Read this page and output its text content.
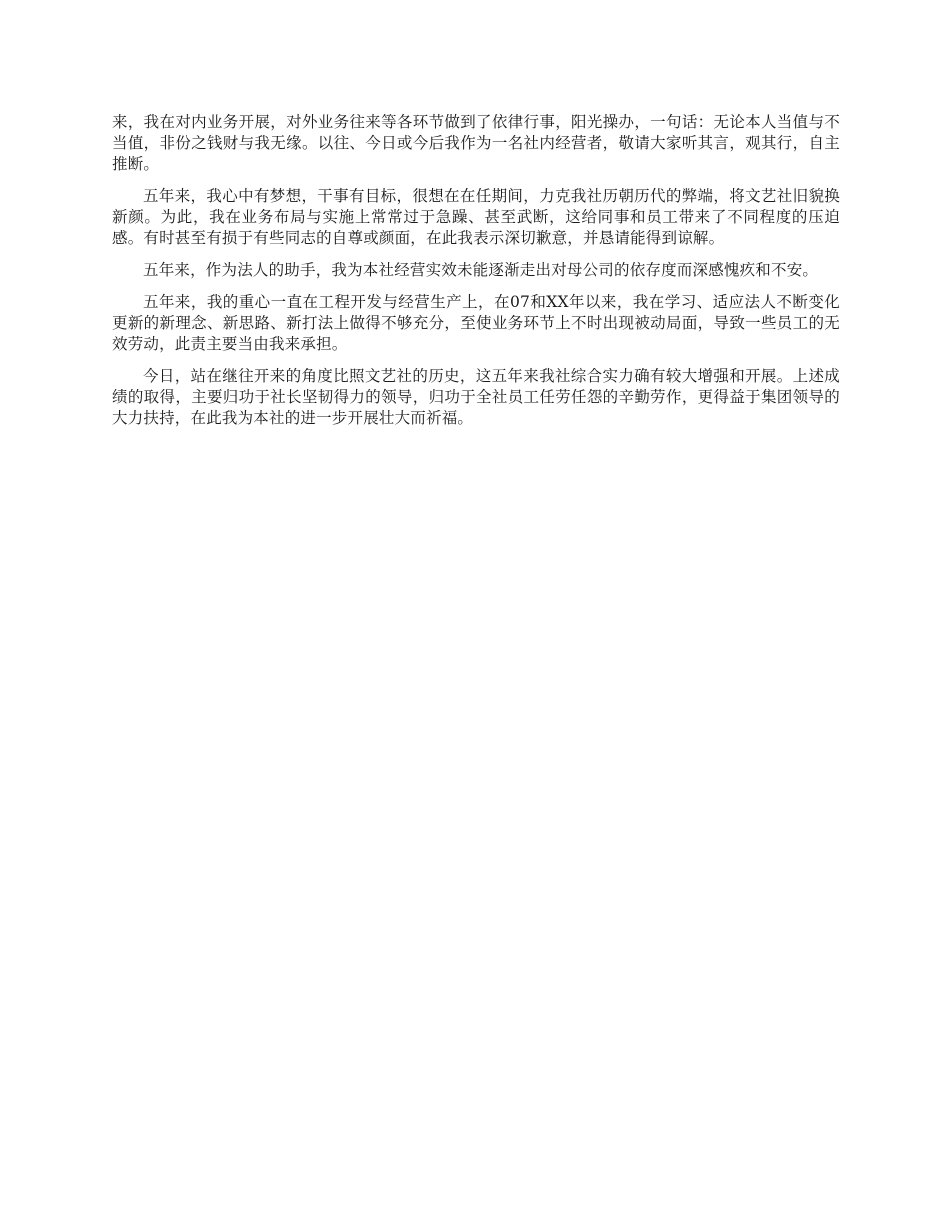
来，我在对内业务开展，对外业务往来等各环节做到了依律行事，阳光操办，一句话：无论本人当值与不当值，非份之钱财与我无缘。以往、今日或今后我作为一名社内经营者，敬请大家听其言，观其行，自主推断。

五年来，我心中有梦想，干事有目标，很想在在任期间，力克我社历朝历代的弊端，将文艺社旧貌换新颜。为此，我在业务布局与实施上常常过于急躁、甚至武断，这给同事和员工带来了不同程度的压迫感。有时甚至有损于有些同志的自尊或颜面，在此我表示深切歉意，并恳请能得到谅解。

五年来，作为法人的助手，我为本社经营实效未能逐渐走出对母公司的依存度而深感愧疚和不安。

五年来，我的重心一直在工程开发与经营生产上，在07和XX年以来，我在学习、适应法人不断变化更新的新理念、新思路、新打法上做得不够充分，至使业务环节上不时出现被动局面，导致一些员工的无效劳动，此责主要当由我来承担。

今日，站在继往开来的角度比照文艺社的历史，这五年来我社综合实力确有较大增强和开展。上述成绩的取得，主要归功于社长坚韧得力的领导，归功于全社员工任劳任怨的辛勤劳作，更得益于集团领导的大力扶持，在此我为本社的进一步开展壮大而祈福。
